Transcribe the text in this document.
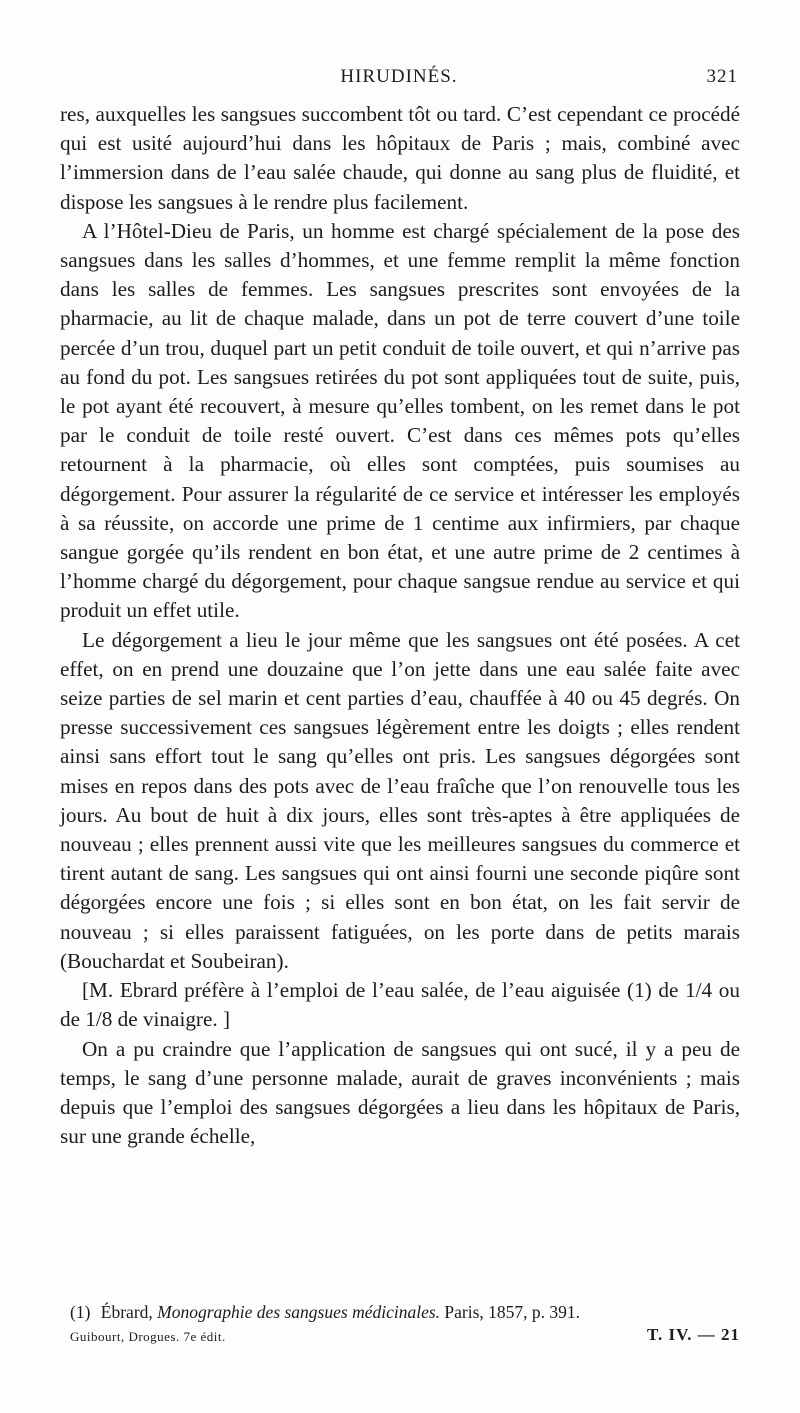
HIRUDINÉS.	321

res, auxquelles les sangsues succombent tôt ou tard. C’est cependant ce procédé qui est usité aujourd’hui dans les hôpitaux de Paris ; mais, combiné avec l’immersion dans de l’eau salée chaude, qui donne au sang plus de fluidité, et dispose les sangsues à le rendre plus facilement.

A l’Hôtel-Dieu de Paris, un homme est chargé spécialement de la pose des sangsues dans les salles d’hommes, et une femme remplit la même fonction dans les salles de femmes. Les sangsues prescrites sont envoyées de la pharmacie, au lit de chaque malade, dans un pot de terre couvert d’une toile percée d’un trou, duquel part un petit conduit de toile ouvert, et qui n’arrive pas au fond du pot. Les sangsues retirées du pot sont appliquées tout de suite, puis, le pot ayant été recouvert, à mesure qu’elles tombent, on les remet dans le pot par le conduit de toile resté ouvert. C’est dans ces mêmes pots qu’elles retournent à la pharmacie, où elles sont comptées, puis soumises au dégorgement. Pour assurer la régularité de ce service et intéresser les employés à sa réussite, on accorde une prime de 1 centime aux infirmiers, par chaque sangue gorgée qu’ils rendent en bon état, et une autre prime de 2 centimes à l’homme chargé du dégorgement, pour chaque sangsue rendue au service et qui produit un effet utile.

Le dégorgement a lieu le jour même que les sangsues ont été posées. A cet effet, on en prend une douzaine que l’on jette dans une eau salée faite avec seize parties de sel marin et cent parties d’eau, chauffée à 40 ou 45 degrés. On presse successivement ces sangsues légèrement entre les doigts ; elles rendent ainsi sans effort tout le sang qu’elles ont pris. Les sangsues dégorgées sont mises en repos dans des pots avec de l’eau fraîche que l’on renouvelle tous les jours. Au bout de huit à dix jours, elles sont très-aptes à être appliquées de nouveau ; elles prennent aussi vite que les meilleures sangsues du commerce et tirent autant de sang. Les sangsues qui ont ainsi fourni une seconde piqûre sont dégorgées encore une fois ; si elles sont en bon état, on les fait servir de nouveau ; si elles paraissent fatiguées, on les porte dans de petits marais (Bouchardat et Soubeiran).

[M. Ebrard préfère à l’emploi de l’eau salée, de l’eau aiguisée (1) de 1/4 ou de 1/8 de vinaigre. ]

On a pu craindre que l’application de sangsues qui ont sucé, il y a peu de temps, le sang d’une personne malade, aurait de graves inconvénients ; mais depuis que l’emploi des sangsues dégorgées a lieu dans les hôpitaux de Paris, sur une grande échelle,

(1) Ébrard, Monographie des sangsues médicinales. Paris, 1857, p. 391.
Guibourt, Drogues. 7e édit.	T. IV. — 21
